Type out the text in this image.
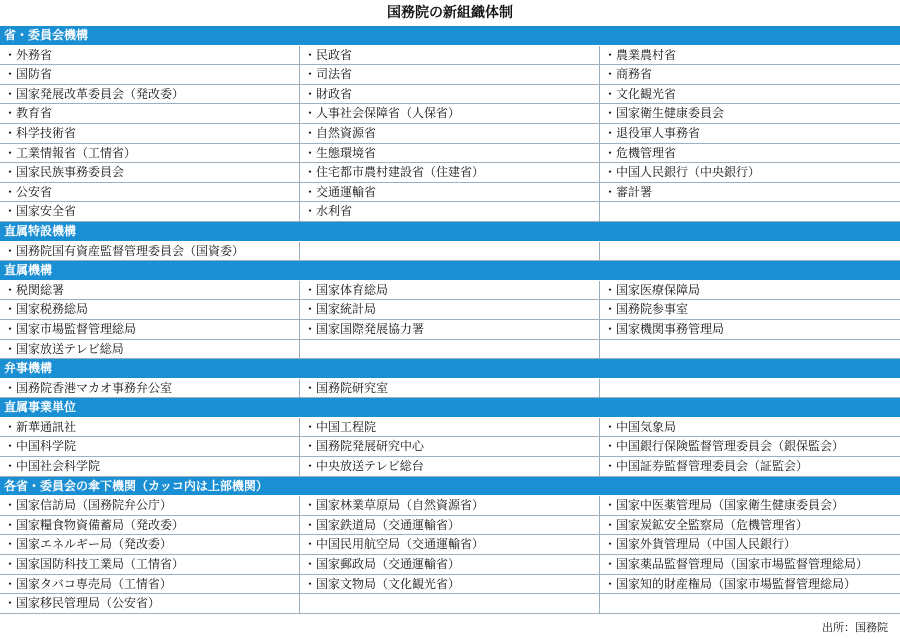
国務院の新組織体制
省・委員会機構
・ 外務省	・ 民政省	・ 農業農村省
・ 国防省	・ 司法省	・ 商務省
・ 国家発展改革委員会（発改委）	・ 財政省	・ 文化観光省
・ 教育省	・ 人事社会保障省（人保省）	・ 国家衛生健康委員会
・ 科学技術省	・ 自然資源省	・ 退役軍人事務省
・ 工業情報省（工情省）	・ 生態環境省	・ 危機管理省
・ 国家民族事務委員会	・ 住宅都市農村建設省（住建省）	・ 中国人民銀行（中央銀行）
・ 公安省	・ 交通運輸省	・ 審計署
・ 国家安全省	・ 水利省
直属特設機構
・ 国務院国有資産監督管理委員会（国資委）
直属機構
・ 税関総署	・ 国家体育総局	・ 国家医療保障局
・ 国家税務総局	・ 国家統計局	・ 国務院参事室
・ 国家市場監督管理総局	・ 国家国際発展協力署	・ 国家機関事務管理局
・ 国家放送テレビ総局
弁事機構
・ 国務院香港マカオ事務弁公室	・ 国務院研究室
直属事業単位
・ 新華通訊社	・ 中国工程院	・ 中国気象局
・ 中国科学院	・ 国務院発展研究中心	・ 中国銀行保険監督管理委員会（銀保監会）
・ 中国社会科学院	・ 中央放送テレビ総台	・ 中国証券監督管理委員会（証監会）
各省・委員会の傘下機関（カッコ内は上部機関）
・ 国家信訪局（国務院弁公庁）	・ 国家林業草原局（自然資源省）	・ 国家中医薬管理局（国家衛生健康委員会）
・ 国家糧食物資備蓄局（発改委）	・ 国家鉄道局（交通運輸省）	・ 国家炭鉱安全監察局（危機管理省）
・ 国家エネルギー局（発改委）	・ 中国民用航空局（交通運輸省）	・ 国家外貨管理局（中国人民銀行）
・ 国家国防科技工業局（工情省）	・ 国家郵政局（交通運輸省）	・ 国家薬品監督管理局（国家市場監督管理総局）
・ 国家タバコ専売局（工情省）	・ 国家文物局（文化観光省）	・ 国家知的財産権局（国家市場監督管理総局）
・ 国家移民管理局（公安省）
出所：国務院
